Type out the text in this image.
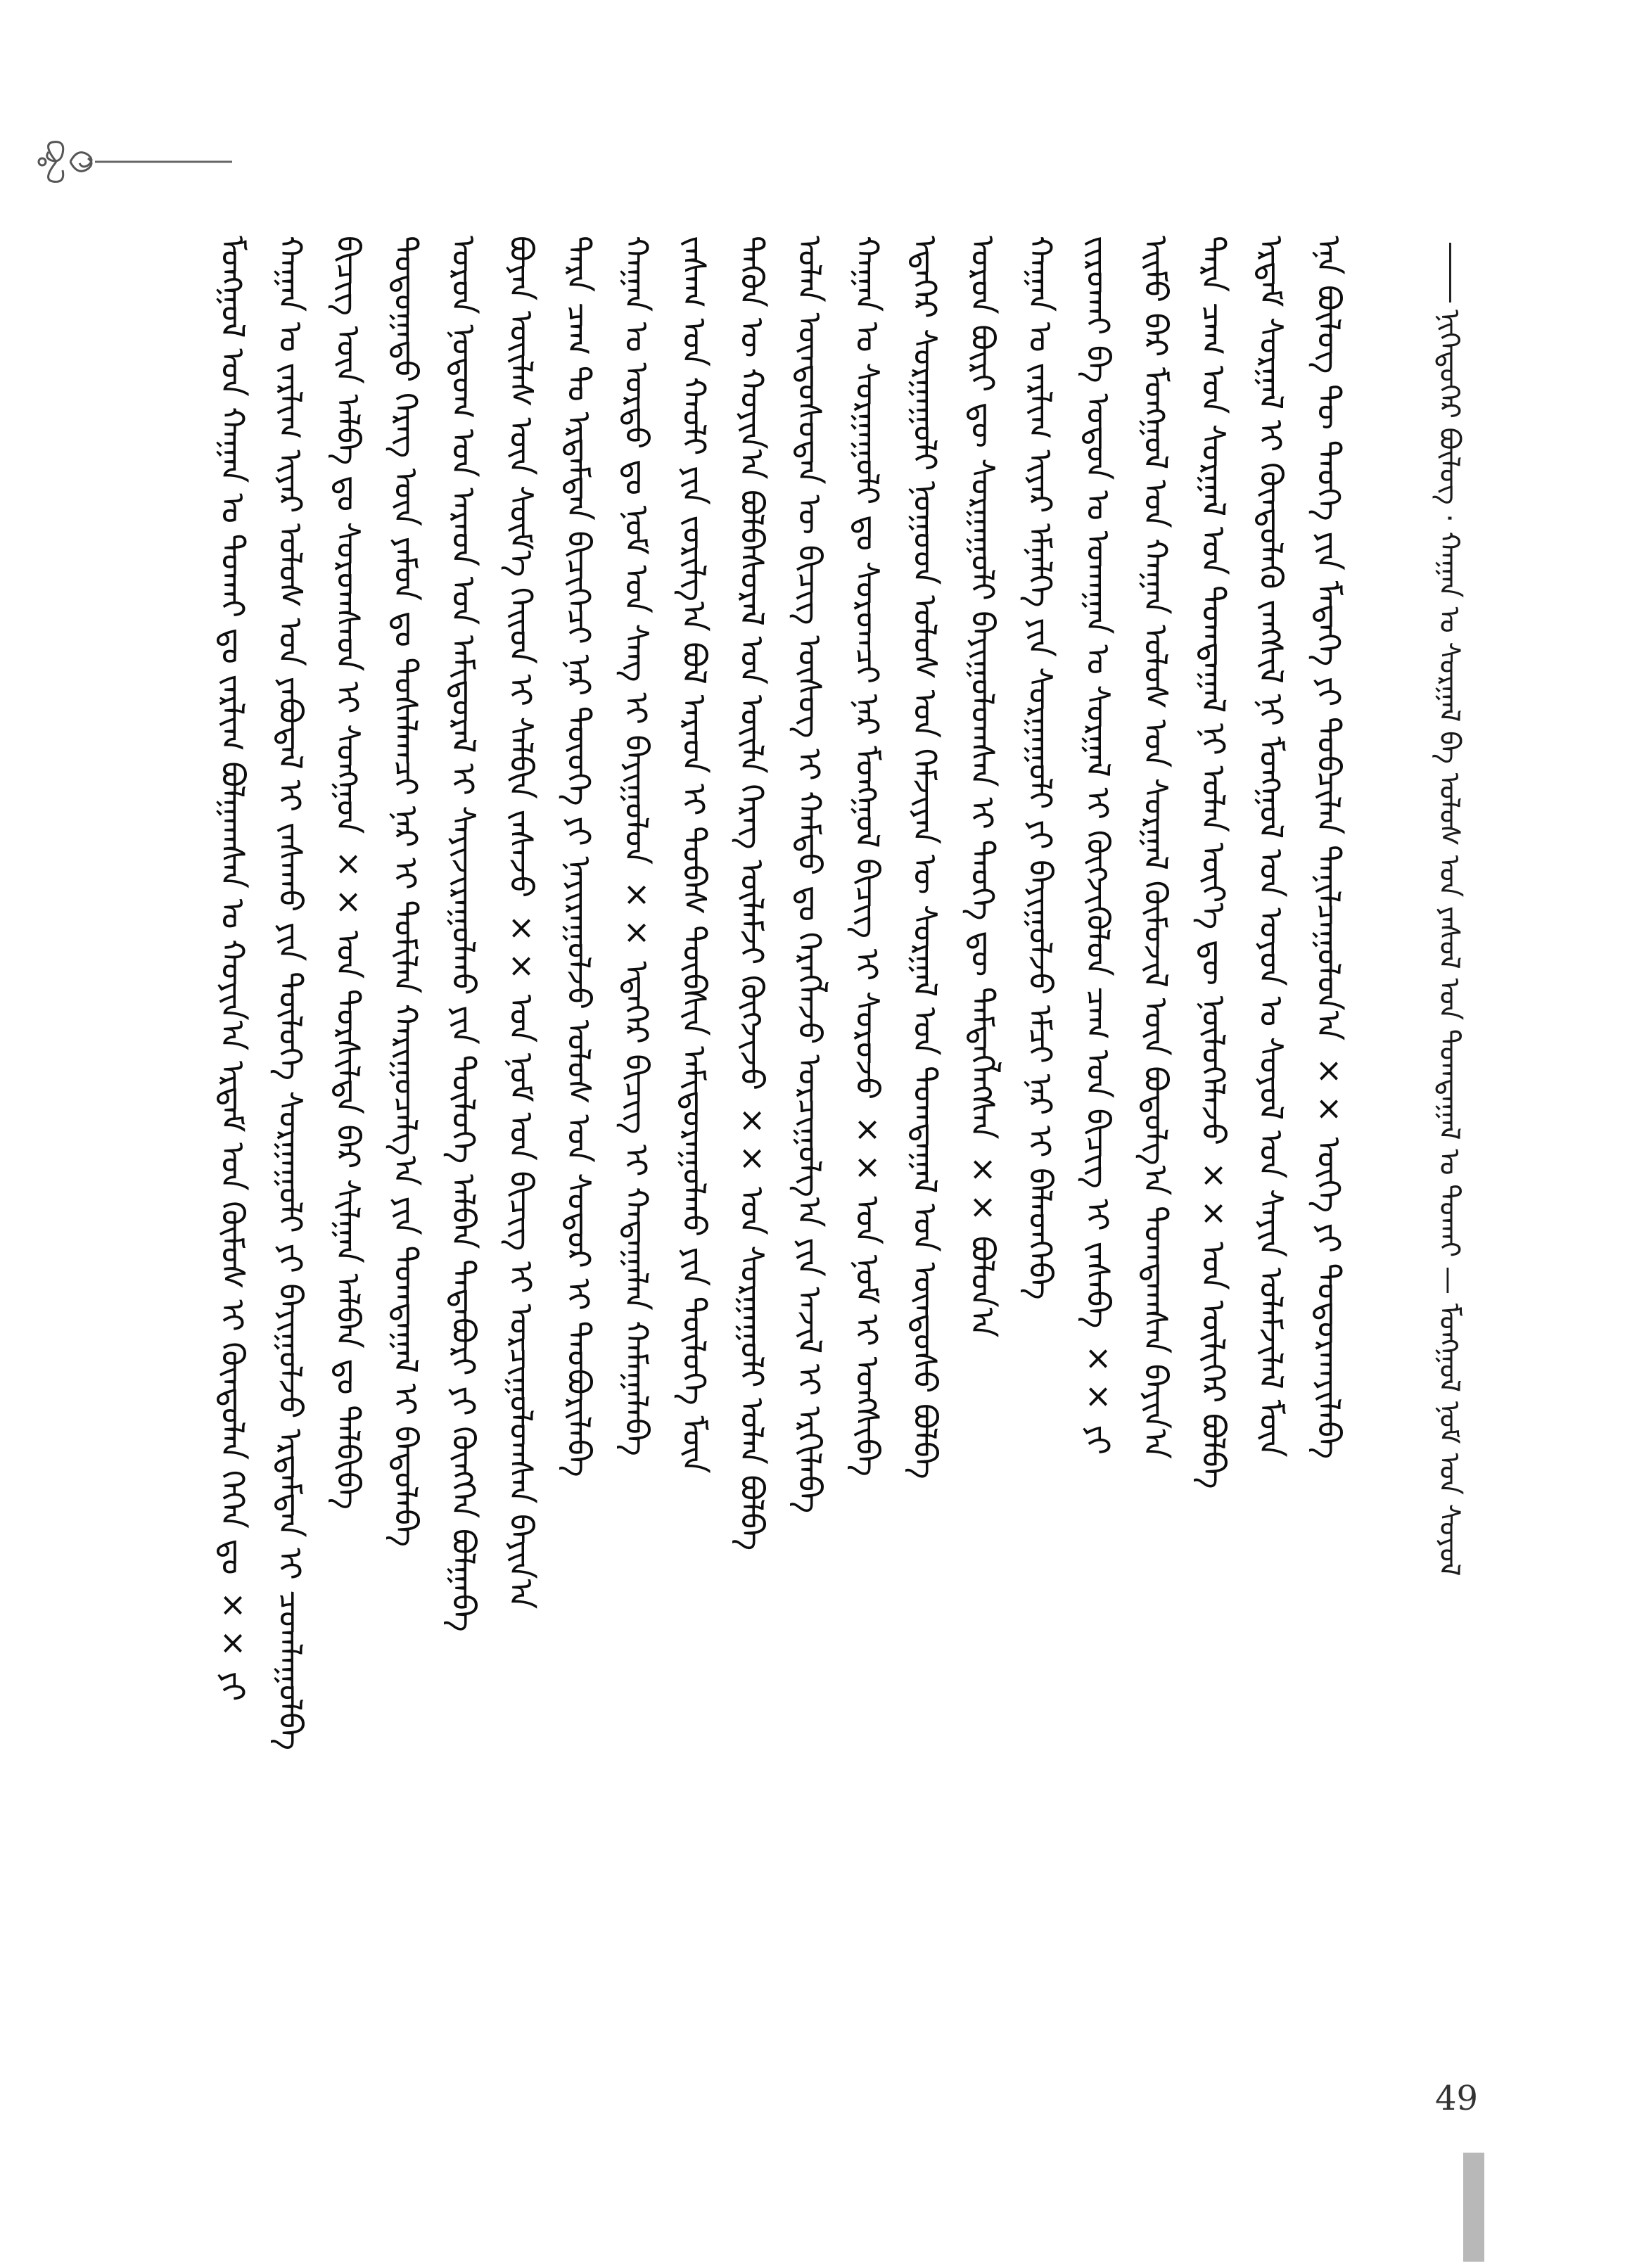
ᠨᠢᠭᠡᠳᠦᠭᠡᠷ ᠪᠦᠯᠦᠭ · ᠬᠠᠭᠠᠨ ᠤ ᠰᠤᠷᠭᠠᠯ ᠪᠠ ᠤᠯᠤᠰ ᠤᠨ ᠶᠠᠰᠤᠯ ᠤᠨ ᠲᠣᠭᠲᠠᠭᠠᠯ ᠤ ᠲᠤᠬᠠᠢ — ᠮᠣᠩᠭᠣᠯ ᠨᠣᠮ ᠤᠨ ᠰᠣᠶᠣᠯ
ᠮᠣᠩᠭᠣᠯ ᠤᠨ ᠬᠠᠭᠠᠨ ᠤ ᠲᠤᠬᠠᠢ ᠳᠤ ᠵᠠᠷᠯᠢᠭ ᠪᠣᠯᠭᠠᠭᠰᠠᠨ ᠤ ᠬᠣᠶᠢᠨ᠎ᠠ ᠡᠷᠳᠡᠮ ᠤᠨ ᠬᠦᠮᠦᠰ ᠢ ᠬᠦᠨᠳᠦᠯᠡᠨ ᠭᠡᠭᠡᠨ ᠳᠤ ×× ᠶᠢ ᠬᠠᠭᠠᠨ ᠤ ᠵᠠᠷᠯᠢᠭ ᠢᠶᠠᠷ ᠤᠯᠤᠰ ᠤᠨ ᠶᠠᠪᠤᠳᠠᠯ ᠢ ᠵᠠᠰᠠᠬᠤ ᠶᠢᠨ ᠲᠥᠯᠥᠭᠡ ᠰᠤᠷᠭᠠᠭᠤᠯᠢ ᠶᠢ ᠪᠠᠶᠢᠭᠤᠯᠵᠤ ᠡᠷᠳᠡᠮᠲᠡᠨ ᠢ ᠴᠤᠭᠯᠠᠭᠤᠯᠪᠠ ᠪᠢᠴᠢᠭ ᠦᠨ ᠠᠯᠪᠠ ᠳᠤ ᠰᠤᠷᠤᠭᠰᠠᠳ ᠢ ᠰᠣᠩᠭᠣᠨ ×× ᠤᠨ ᠲᠤᠷᠰᠢᠯᠲᠠ ᠪᠠᠷ ᠰᠢᠯᠭᠠᠨ ᠠᠯᠪᠠᠨ ᠳᠤ ᠲᠠᠯᠪᠢᠪᠠ ᠳᠣᠲᠣᠭᠠᠳᠤ ᠬᠡᠷᠡᠭ ᠦᠨ ᠶᠠᠮᠤᠨ ᠳᠤ ᠲᠤᠰᠠᠯᠠᠭᠴᠢ ᠨᠠᠷ ᠢ ᠲᠣᠮᠢᠯᠠᠨ ᠬᠠᠷᠢᠭᠤᠴᠠᠯᠭ᠎ᠠ ᠶᠢᠨ ᠲᠣᠭᠲᠠᠭᠠᠯ ᠢ ᠪᠠᠲᠤᠯᠠᠪᠠ ᠣᠷᠤᠨ ᠨᠤᠲᠤᠭ ᠤᠨ ᠠᠷᠠᠳ ᠤᠨ ᠠᠮᠢᠳᠤᠷᠠᠯ ᠢ ᠰᠠᠶᠢᠵᠢᠷᠠᠭᠤᠯᠬᠤ ᠶᠢᠨ ᠲᠥᠯᠥᠭᠡ ᠠᠯᠪᠠᠨ ᠲᠠᠲᠠᠪᠤᠷᠢ ᠶᠢ ᠬᠥᠩᠭᠡᠨ ᠪᠣᠯᠭᠠᠪᠠ ᠪᠤᠶᠠᠨ ᠦᠢᠯᠡᠰ ᠦᠨ ᠰᠦᠮ᠎ᠡ ᠬᠡᠢᠳ ᠢ ᠰᠡᠯᠪᠢᠨ ᠵᠠᠰᠠᠵᠤ ×× ᠤᠨ ᠨᠣᠮ ᠤᠨ ᠪᠢᠴᠢᠭ ᠢ ᠣᠷᠴᠢᠭᠤᠯᠤᠭᠰᠠᠨ ᠪᠠᠶᠢᠨ᠎ᠠ ᠲᠡᠷᠡ ᠴᠠᠭ ᠲᠤ ᠡᠷᠳᠡᠮᠲᠡᠨ ᠪᠢᠴᠢᠭᠡᠴᠢ ᠨᠠᠷ ᠲᠦᠤᠬᠡ ᠶᠢ ᠨᠠᠶᠢᠷᠠᠭᠤᠯᠵᠤ ᠤᠯᠤᠰ ᠤᠨ ᠰᠤᠳᠤᠷ ᠢ ᠲᠡᠦᠪᠦᠷᠢᠯᠡᠪᠡ ᠬᠠᠭᠠᠨ ᠤ ᠣᠷᠳᠣ ᠳᠤ ᠨᠣᠮ ᠤᠨ ᠰᠠᠩ ᠢ ᠪᠠᠶᠢᠭᠤᠯᠤᠨ ×× ᠡᠳᠡᠭᠡᠷ ᠪᠢᠴᠢᠭ ᠢ ᠬᠠᠳᠠᠭᠠᠯᠠᠨ ᠬᠠᠮᠠᠭᠠᠯᠠᠪᠠ ᠵᠠᠰᠠᠭ ᠤᠨ ᠬᠠᠤᠯᠢ ᠶᠢᠨ ᠵᠣᠷᠢᠯᠭ᠎ᠠ ᠪᠣᠯ ᠠᠷᠠᠳ ᠢ ᠲᠣᠪᠠᠰ ᠲᠥᠪᠰᠢᠨ ᠠᠮᠢᠳᠤᠷᠠᠭᠤᠯᠬᠤ ᠶᠢᠨ ᠲᠥᠯᠥᠭᠡ ᠮᠥᠨ ᠲᠡᠭᠦᠨ ᠦ ᠬᠣᠶᠢᠨ᠎ᠠ ᠪᠣᠯᠪᠠᠰᠤᠷᠠᠯ ᠤᠨ ᠦᠢᠯᠡ ᠬᠡᠷᠡᠭ ᠦᠯᠡᠮᠵᠢ ᠬᠥᠭᠵᠢᠵᠦ ×× ᠤᠨ ᠰᠤᠷᠭᠠᠭᠤᠯᠢ ᠣᠯᠠᠨ ᠪᠣᠯᠪᠠ ᠣᠯᠠᠨ ᠦᠨᠳᠦᠰᠦᠲᠡᠨ ᠦ ᠪᠢᠴᠢᠭ ᠦᠰᠦᠭ ᠢ ᠬᠠᠮᠲᠤ ᠳᠤ ᠬᠡᠷᠡᠭᠯᠡᠵᠦ ᠣᠷᠴᠢᠭᠤᠯᠭ᠎ᠠ ᠶᠢᠨ ᠠᠵᠢᠯ ᠢ ᠡᠷᠬᠢᠯᠡᠪᠡ ᠬᠠᠭᠠᠨ ᠤ ᠰᠤᠷᠭᠠᠭᠤᠯᠢ ᠳᠤ ᠰᠤᠷᠤᠭᠴᠢ ᠨᠠᠷ ᠮᠣᠩᠭᠣᠯ ᠪᠢᠴᠢᠭ ᠢ ᠰᠤᠷᠤᠵᠤ ×× ᠤᠨ ᠨᠣᠮ ᠢ ᠤᠩᠰᠢᠪᠠ ᠡᠳᠡᠭᠡᠷ ᠰᠤᠷᠭᠠᠭᠤᠯᠢ ᠨᠤᠭᠤᠳ ᠤᠯᠤᠰ ᠤᠨ ᠬᠡᠮᠵᠢᠶᠡᠨ ᠦ ᠰᠤᠷᠭᠠᠯ ᠤᠨ ᠲᠣᠭᠲᠠᠭᠠᠯ ᠤᠨ ᠦᠨᠳᠦᠰᠦ ᠪᠣᠯᠪᠠ ᠣᠷᠤᠨ ᠪᠦᠷᠢ ᠳᠦ ᠰᠤᠷᠭᠠᠭᠤᠯᠢ ᠪᠠᠶᠢᠭᠤᠯᠤᠭᠰᠠᠨ ᠢ ᠲᠡᠦᠬᠡ ᠳᠦ ᠲᠡᠮᠳᠡᠭᠯᠡᠭᠰᠡᠨ ×× ᠪᠣᠯᠤᠨ᠎ᠠ ᠬᠠᠭᠠᠨ ᠤ ᠵᠠᠷᠯᠢᠭ ᠢᠶᠠᠷ ᠡᠮᠨᠡᠯᠭᠡ ᠶᠢᠨ ᠰᠤᠷᠭᠠᠭᠤᠯᠢ ᠶᠢ ᠪᠠᠶᠢᠭᠤᠯᠵᠤ ᠡᠮᠴᠢ ᠨᠠᠷ ᠢ ᠪᠡᠯᠡᠳᠬᠡᠪᠡ ᠵᠢᠷᠤᠬᠠᠢ ᠪᠠ ᠣᠳᠣᠨ ᠤ ᠤᠬᠠᠭᠠᠨ ᠤ ᠰᠤᠷᠭᠠᠯ ᠢ ᠬᠥᠭᠵᠢᠭᠦᠯᠦᠨ ᠴᠠᠭ ᠤᠨ ᠪᠢᠴᠢᠭ ᠢ ᠵᠠᠰᠠᠪᠠ ×× ᠶᠢ ᠡᠢᠮᠦ ᠪᠡᠷ ᠮᠣᠩᠭᠣᠯ ᠤᠨ ᠬᠠᠭᠠᠨ ᠤᠯᠤᠰ ᠤᠨ ᠰᠤᠷᠭᠠᠯ ᠬᠦᠮᠦᠵᠢᠯ ᠦᠨ ᠪᠣᠳᠣᠯᠭ᠎ᠠ ᠲᠣᠭᠲᠠᠭᠰᠠᠨ ᠪᠠᠶᠢᠨ᠎ᠠ ᠲᠡᠷᠡ ᠴᠠᠭ ᠤᠨ ᠰᠤᠷᠭᠠᠯ ᠤᠨ ᠲᠣᠭᠲᠠᠭᠠᠯ ᠨᠢ ᠣᠯᠠᠨ ᠦᠶ᠎ᠡ ᠳᠦ ᠨᠥᠯᠥᠭᠡᠯᠡᠵᠦ ×× ᠤᠨ ᠦᠯᠢᠭᠡᠷ ᠪᠣᠯᠪᠠ ᠡᠷᠳᠡᠮ ᠰᠤᠷᠭᠠᠯ ᠢ ᠬᠦᠨᠳᠦᠯᠡᠬᠦ ᠵᠠᠩᠰᠢᠯ ᠨᠢ ᠮᠣᠩᠭᠣᠯ ᠤᠨ ᠣᠶᠤᠨ ᠤ ᠰᠣᠶᠣᠯ ᠤᠨ ᠰᠠᠶᠢᠨ ᠤᠯᠠᠮᠵᠢᠯᠠᠯ ᠮᠥᠨ ᠡᠨᠡ ᠪᠦᠯᠦᠭ ᠲᠦ ᠲᠡᠦᠬᠡ ᠶᠢᠨ ᠮᠡᠳᠡᠭᠡ ᠶᠢ ᠲᠣᠪᠴᠢᠯᠠᠨ ᠲᠠᠨᠢᠯᠴᠠᠭᠤᠯᠤᠨ᠎ᠠ ×× ᠦᠭᠡ ᠶᠢ ᠲᠣᠳᠣᠷᠬᠠᠶᠢᠯᠠᠪᠠ
49
